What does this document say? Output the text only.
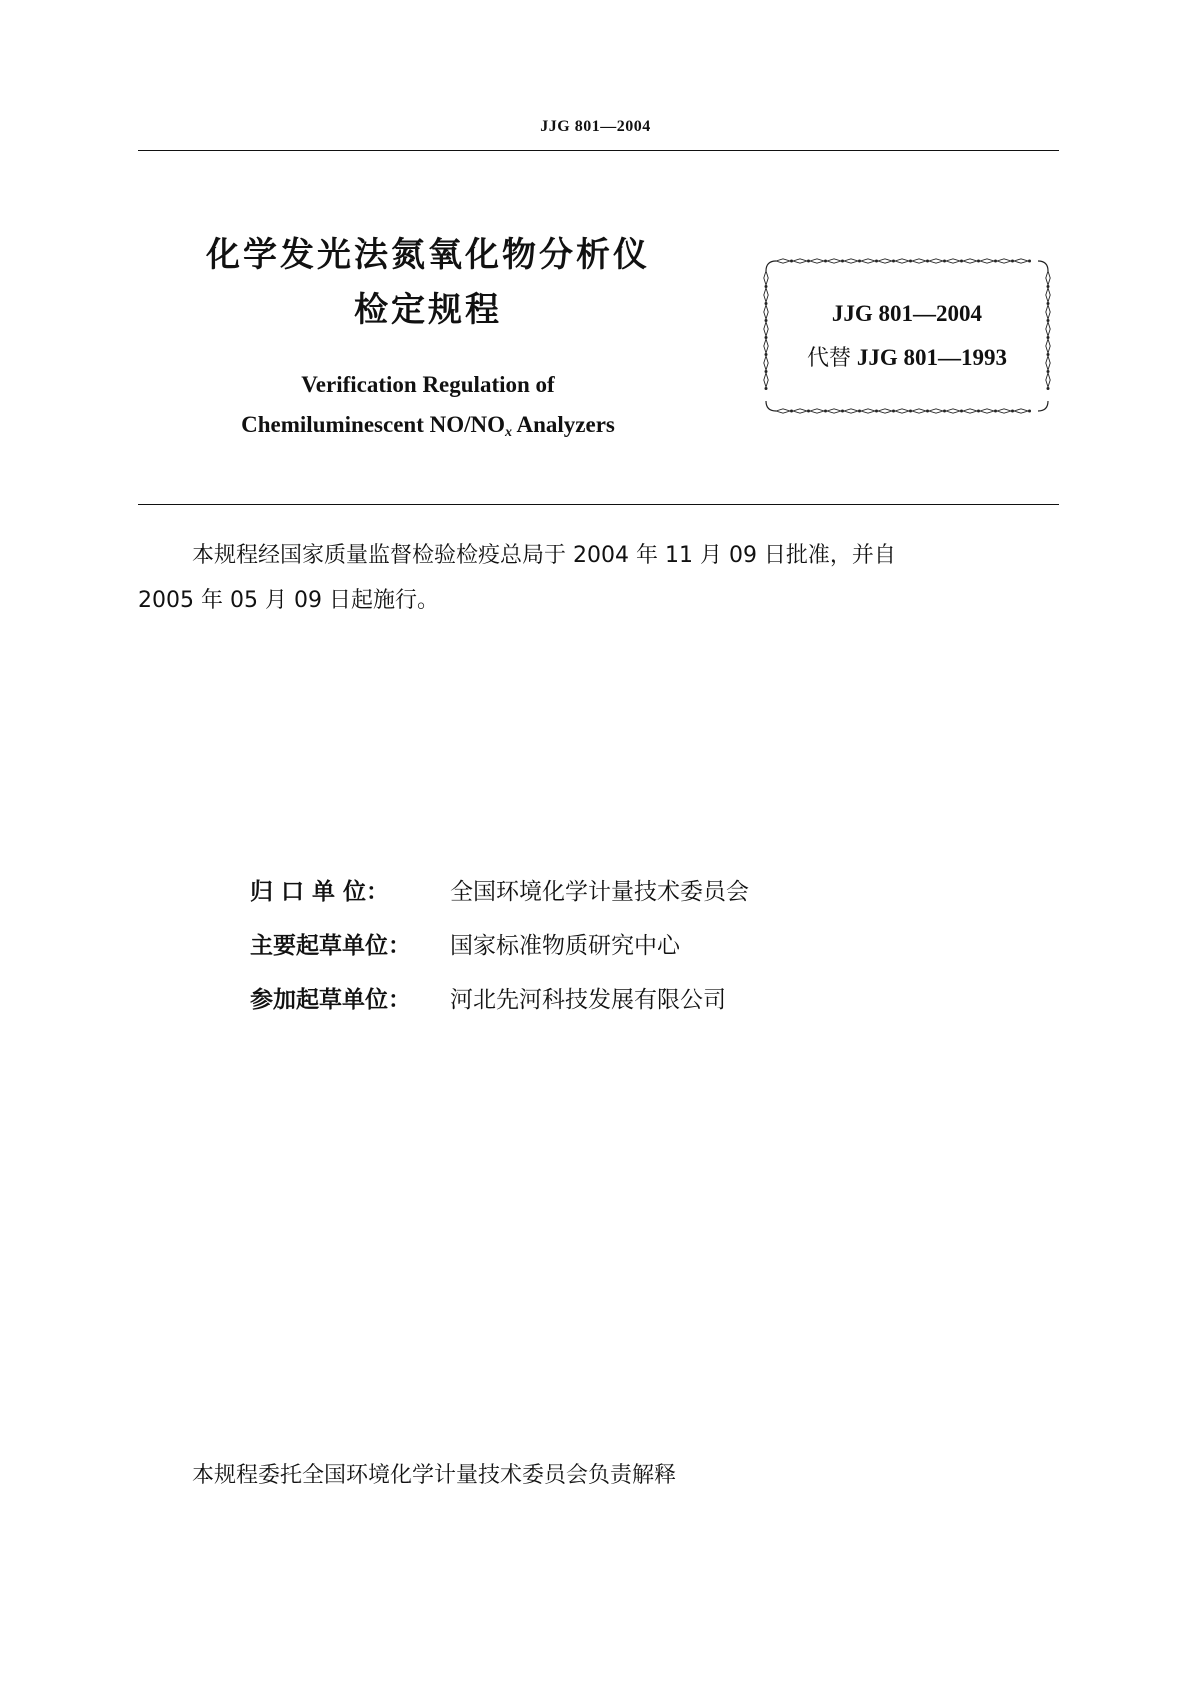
JJG 801—2004
化学发光法氮氧化物分析仪
检定规程
Verification Regulation of
Chemiluminescent $NO/NO_x$ Analyzers
JJG 801—2004
代替 JJG 801—1993
本规程经国家质量监督检验检疫总局于 2004 年 11 月 09 日批准，并自
2005 年 05 月 09 日起施行。
归 口 单 位：	全国环境化学计量技术委员会
主要起草单位： 国家标准物质研究中心
参加起草单位： 河北先河科技发展有限公司
本规程委托全国环境化学计量技术委员会负责解释
